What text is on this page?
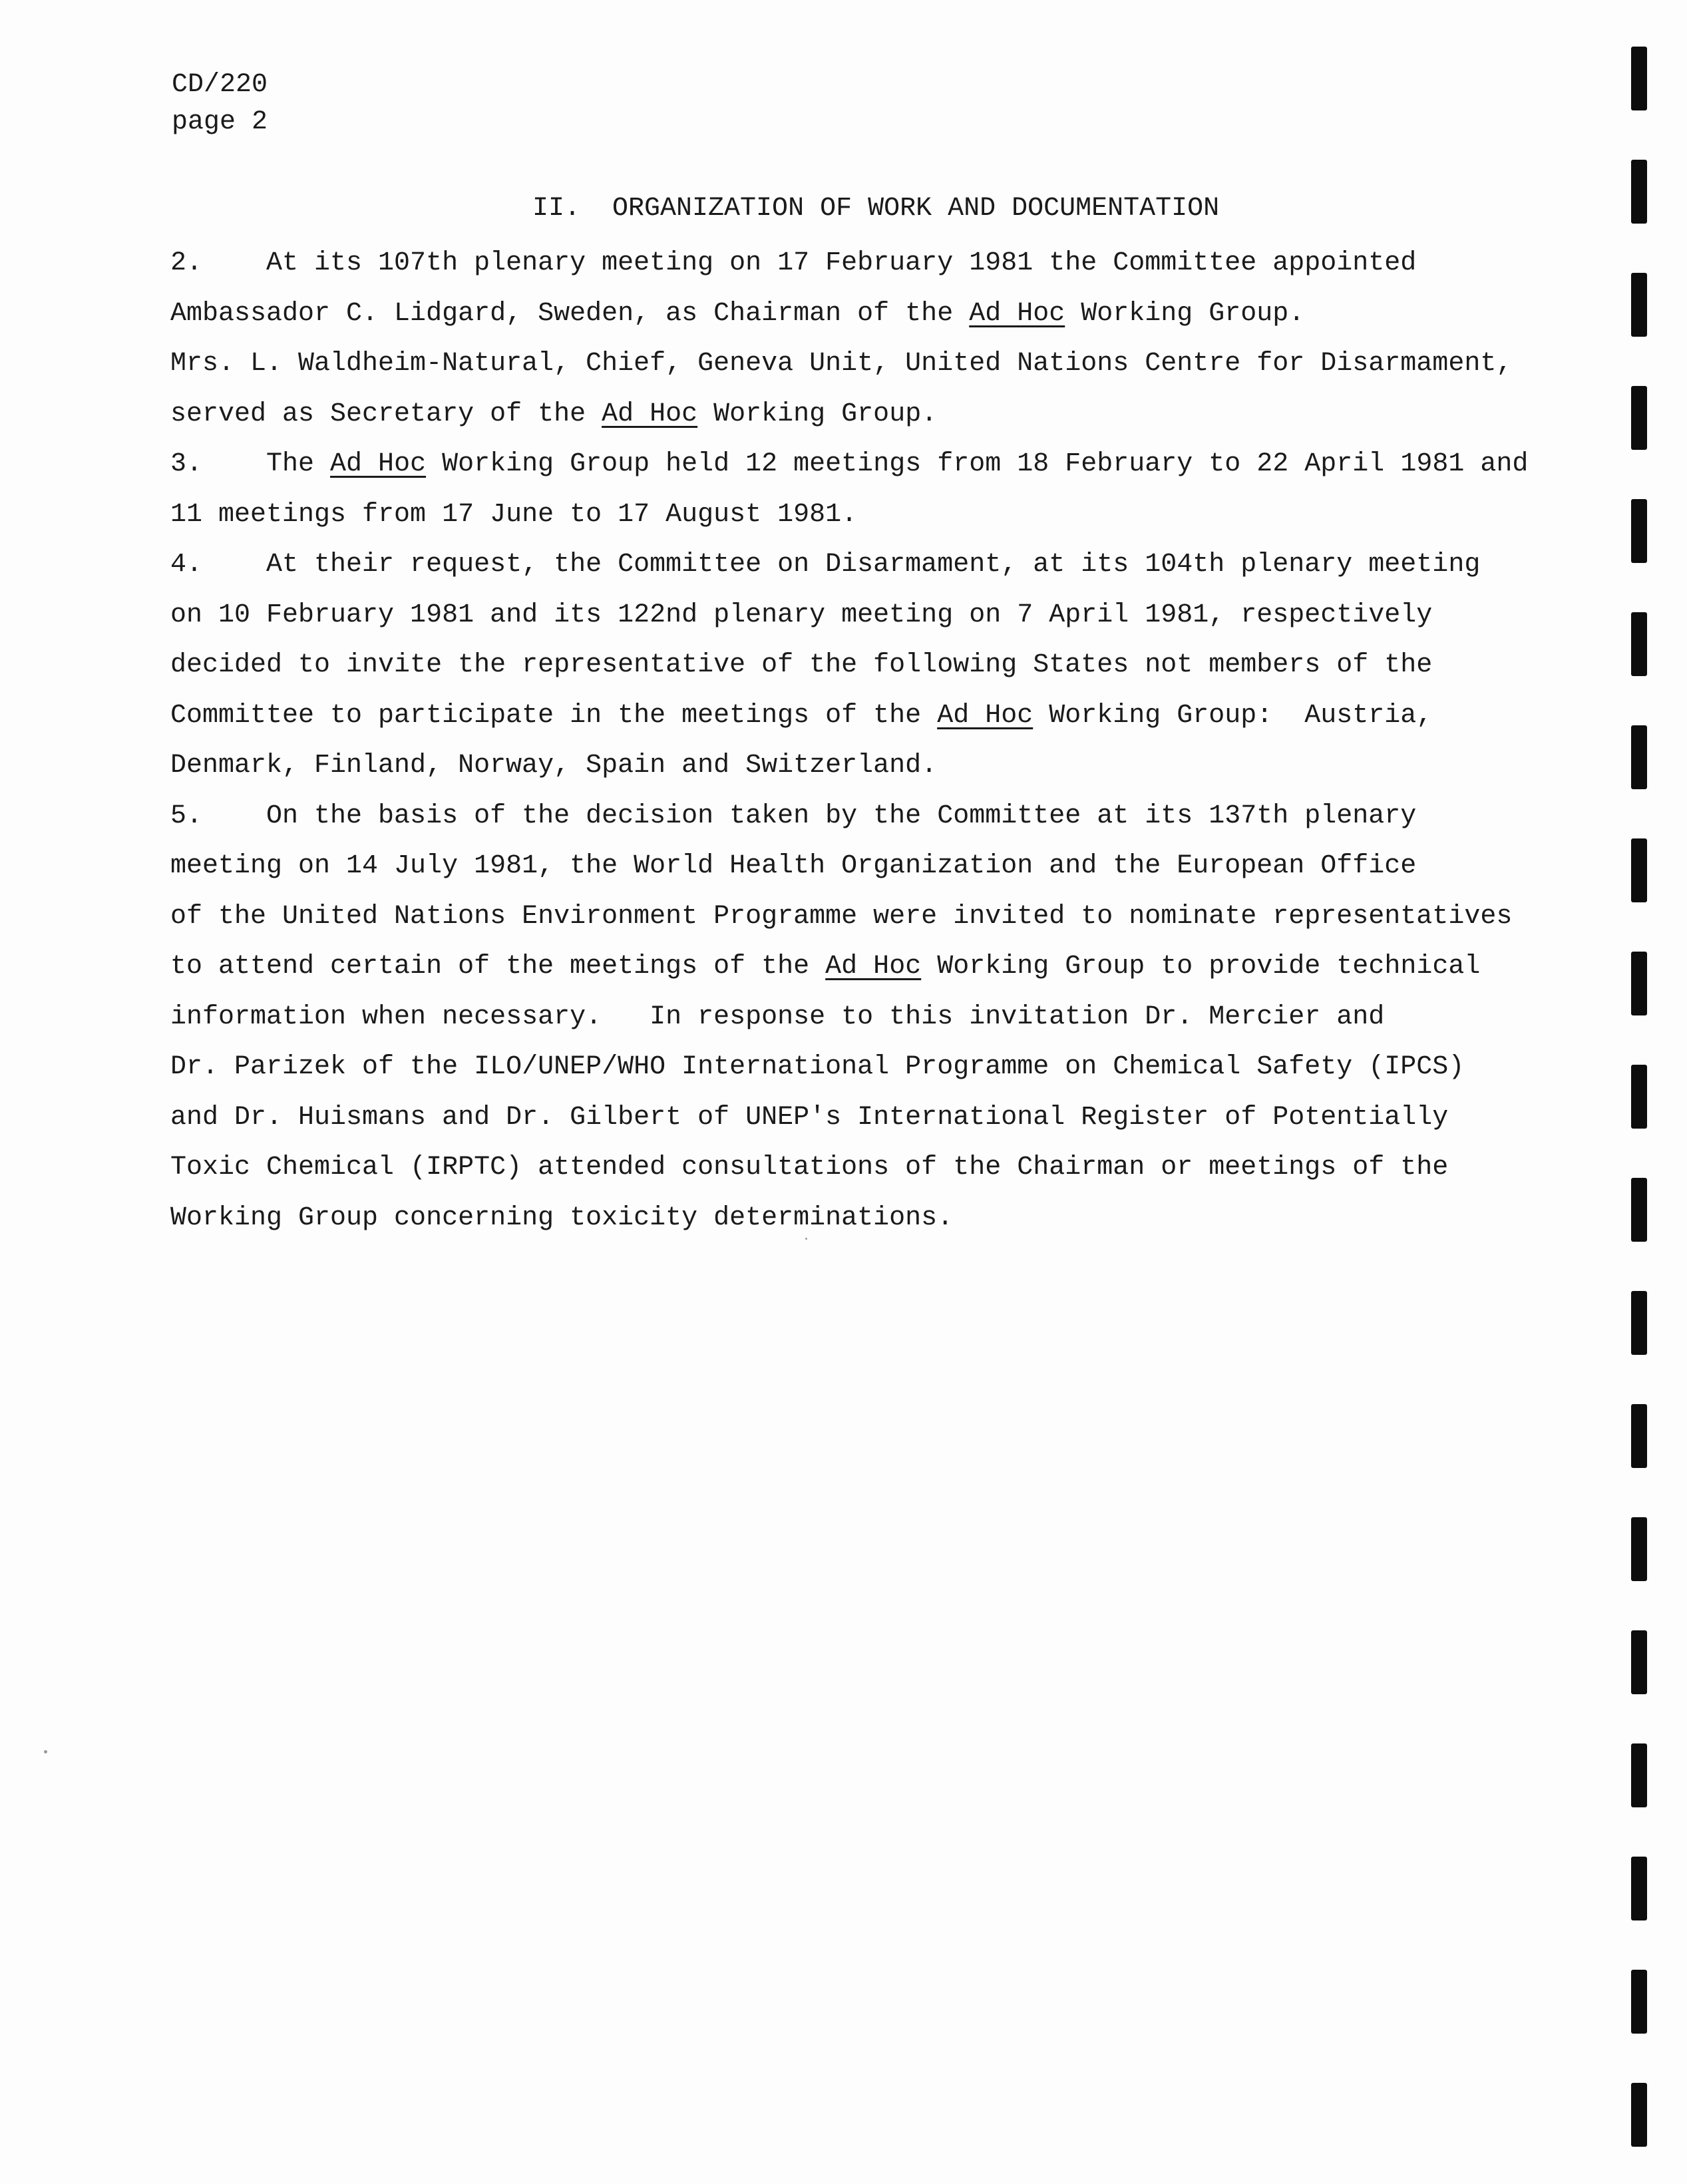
CD/220
page 2
II.  ORGANIZATION OF WORK AND DOCUMENTATION
2.    At its 107th plenary meeting on 17 February 1981 the Committee appointed
Ambassador C. Lidgard, Sweden, as Chairman of the Ad Hoc Working Group.
Mrs. L. Waldheim-Natural, Chief, Geneva Unit, United Nations Centre for Disarmament,
served as Secretary of the Ad Hoc Working Group.
3.    The Ad Hoc Working Group held 12 meetings from 18 February to 22 April 1981 and
11 meetings from 17 June to 17 August 1981.
4.    At their request, the Committee on Disarmament, at its 104th plenary meeting
on 10 February 1981 and its 122nd plenary meeting on 7 April 1981, respectively
decided to invite the representative of the following States not members of the
Committee to participate in the meetings of the Ad Hoc Working Group:  Austria,
Denmark, Finland, Norway, Spain and Switzerland.
5.    On the basis of the decision taken by the Committee at its 137th plenary
meeting on 14 July 1981, the World Health Organization and the European Office
of the United Nations Environment Programme were invited to nominate representatives
to attend certain of the meetings of the Ad Hoc Working Group to provide technical
information when necessary.   In response to this invitation Dr. Mercier and
Dr. Parizek of the ILO/UNEP/WHO International Programme on Chemical Safety (IPCS)
and Dr. Huismans and Dr. Gilbert of UNEP's International Register of Potentially
Toxic Chemical (IRPTC) attended consultations of the Chairman or meetings of the
Working Group concerning toxicity determinations.
